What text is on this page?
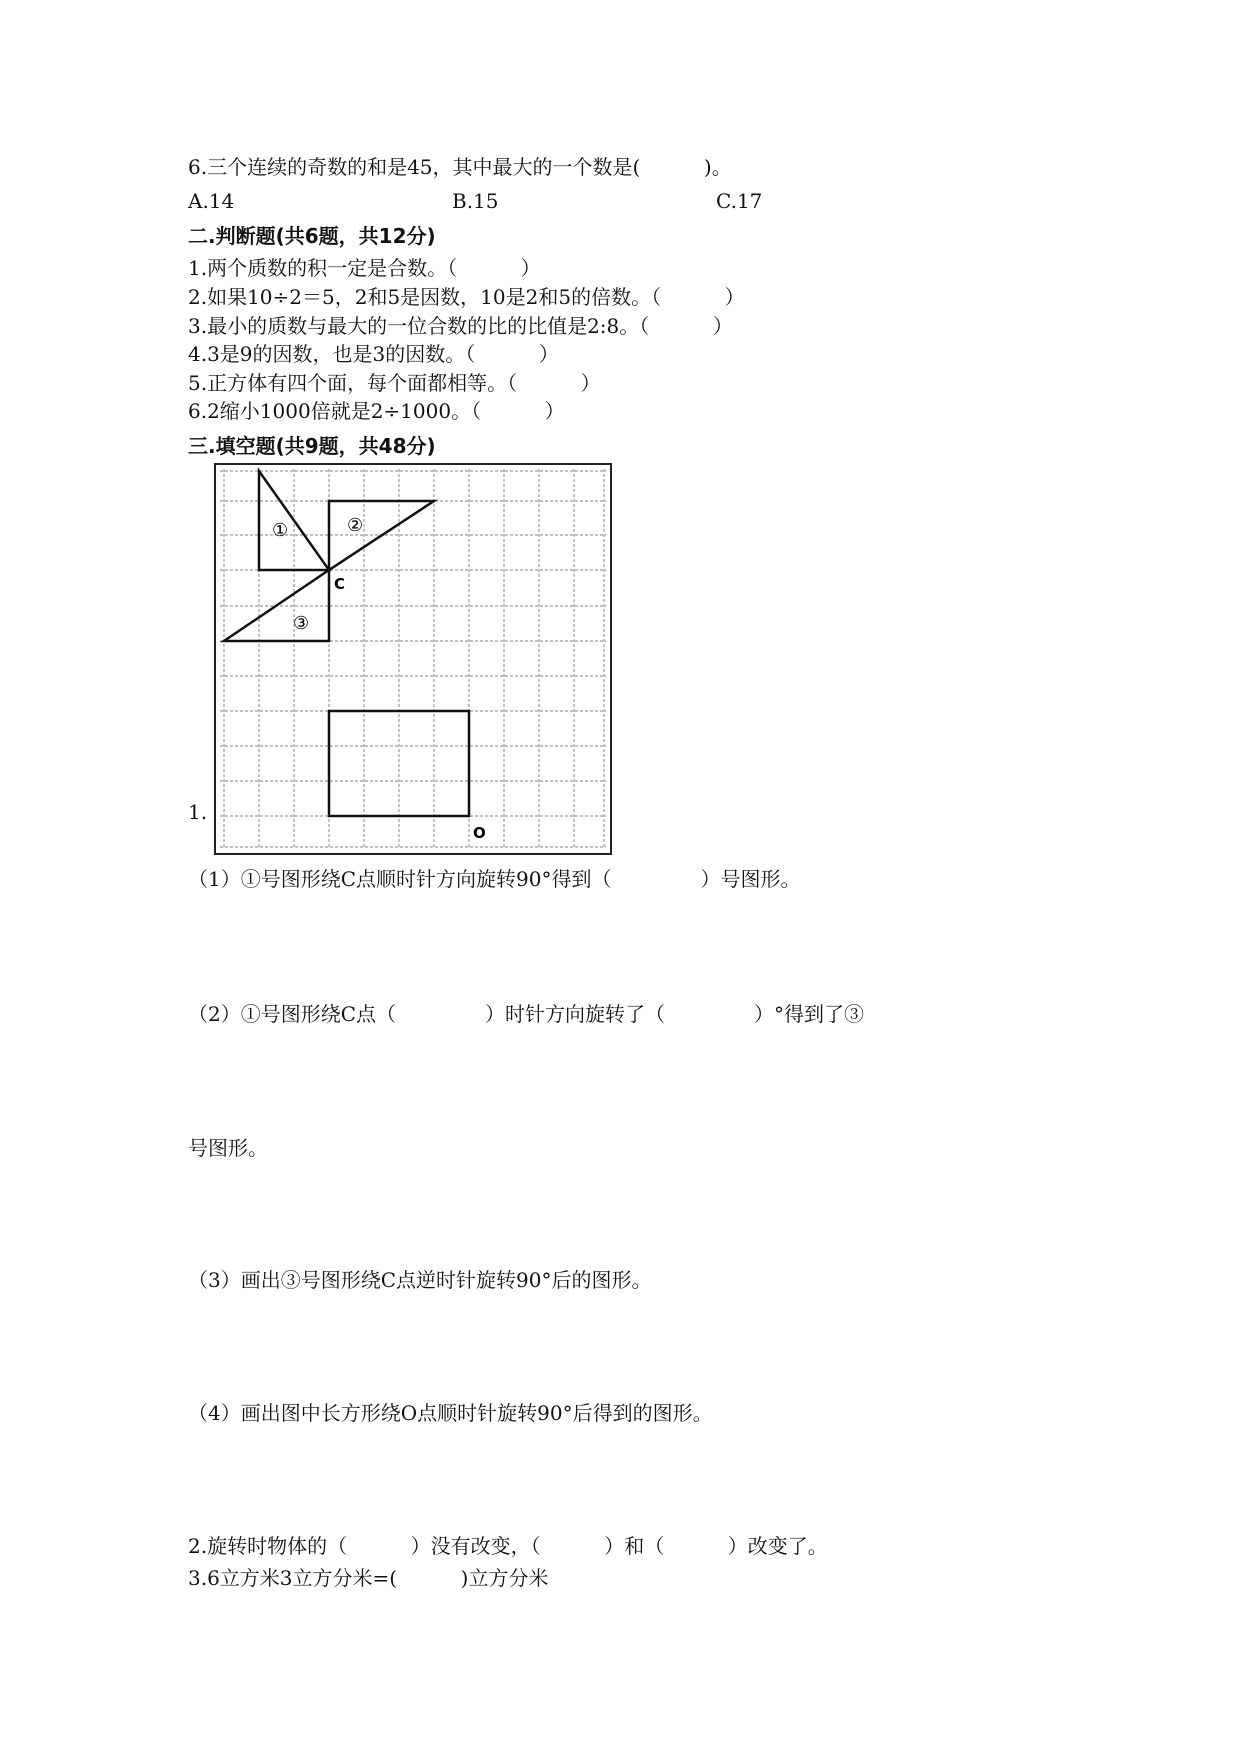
6.三个连续的奇数的和是45，其中最大的一个数是(          )。
A.14	B.15	C.17
二.判断题(共6题，共12分)
1.两个质数的积一定是合数。（          ）
2.如果10÷2＝5，2和5是因数，10是2和5的倍数。（          ）
3.最小的质数与最大的一位合数的比的比值是2:8。（          ）
4.3是9的因数，也是3的因数。（          ）
5.正方体有四个面，每个面都相等。（          ）
6.2缩小1000倍就是2÷1000。（          ）
三.填空题(共9题，共48分)
1.
①	②
③
C
O
（1）①号图形绕C点顺时针方向旋转90°得到（              ）号图形。
（2）①号图形绕C点（              ）时针方向旋转了（              ）°得到了③
号图形。
（3）画出③号图形绕C点逆时针旋转90°后的图形。
（4）画出图中长方形绕O点顺时针旋转90°后得到的图形。
2.旋转时物体的（          ）没有改变，（          ）和（          ）改变了。
3.6立方米3立方分米=(          )立方分米
